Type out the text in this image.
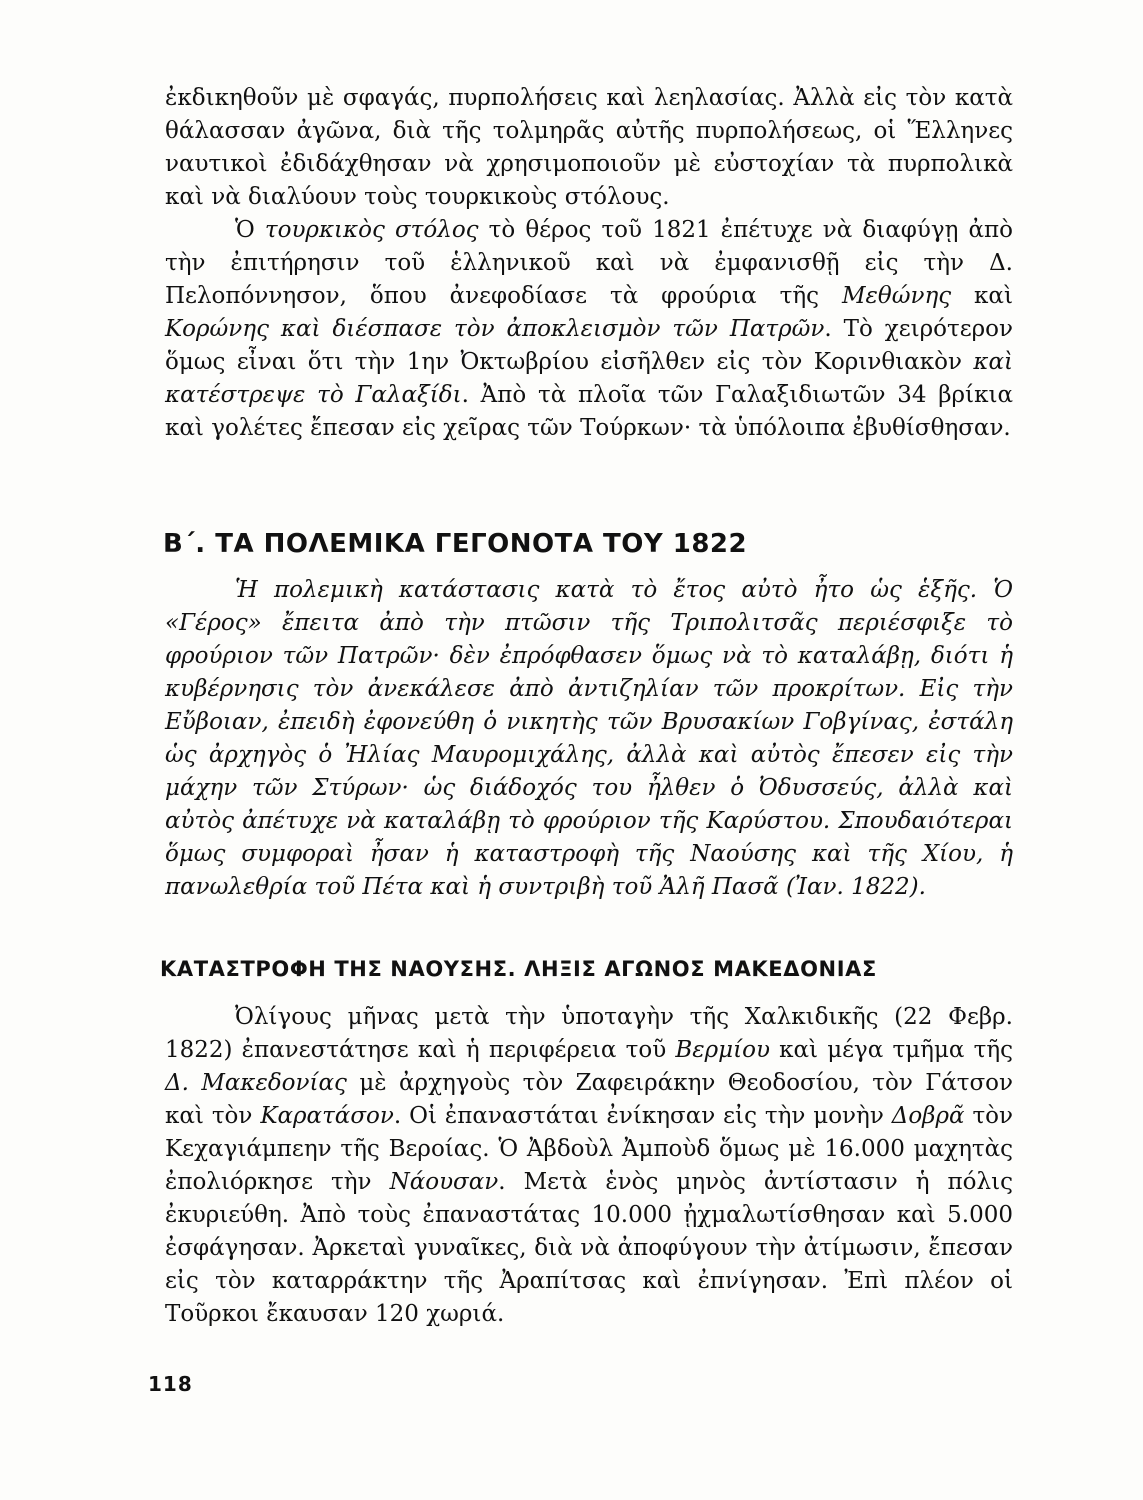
ἐκδικηθοῦν μὲ σφαγάς, πυρπολήσεις καὶ λεηλασίας. Ἀλλὰ εἰς τὸν κατὰ θάλασσαν ἀγῶνα, διὰ τῆς τολμηρᾶς αὐτῆς πυρπολήσεως, οἱ Ἕλληνες ναυτικοὶ ἐδιδάχθησαν νὰ χρησιμοποιοῦν μὲ εὐστοχίαν τὰ πυρπολικὰ καὶ νὰ διαλύουν τοὺς τουρκικοὺς στόλους.

Ὁ τουρκικὸς στόλος τὸ θέρος τοῦ 1821 ἐπέτυχε νὰ διαφύγῃ ἀπὸ τὴν ἐπιτήρησιν τοῦ ἑλληνικοῦ καὶ νὰ ἐμφανισθῇ εἰς τὴν Δ. Πελοπόννησον, ὅπου ἀνεφοδίασε τὰ φρούρια τῆς Μεθώνης καὶ Κορώνης καὶ διέσπασε τὸν ἀποκλεισμὸν τῶν Πατρῶν. Τὸ χειρότερον ὅμως εἶναι ὅτι τὴν 1ην Ὀκτωβρίου εἰσῆλθεν εἰς τὸν Κορινθιακὸν καὶ κατέστρεψε τὸ Γαλαξίδι. Ἀπὸ τὰ πλοῖα τῶν Γαλαξιδιωτῶν 34 βρίκια καὶ γολέτες ἔπεσαν εἰς χεῖρας τῶν Τούρκων· τὰ ὑπόλοιπα ἐβυθίσθησαν.

Β΄. ΤΑ ΠΟΛΕΜΙΚΑ ΓΕΓΟΝΟΤΑ ΤΟΥ 1822

Ἡ πολεμικὴ κατάστασις κατὰ τὸ ἔτος αὐτὸ ἦτο ὡς ἑξῆς. Ὁ «Γέρος» ἔπειτα ἀπὸ τὴν πτῶσιν τῆς Τριπολιτσᾶς περιέσφιξε τὸ φρούριον τῶν Πατρῶν· δὲν ἐπρόφθασεν ὅμως νὰ τὸ καταλάβῃ, διότι ἡ κυβέρνησις τὸν ἀνεκάλεσε ἀπὸ ἀντιζηλίαν τῶν προκρίτων. Εἰς τὴν Εὔβοιαν, ἐπειδὴ ἐφονεύθη ὁ νικητὴς τῶν Βρυσακίων Γοβγίνας, ἐστάλη ὡς ἀρχηγὸς ὁ Ἠλίας Μαυρομιχάλης, ἀλλὰ καὶ αὐτὸς ἔπεσεν εἰς τὴν μάχην τῶν Στύρων· ὡς διάδοχός του ἦλθεν ὁ Ὀδυσσεύς, ἀλλὰ καὶ αὐτὸς ἀπέτυχε νὰ καταλάβῃ τὸ φρούριον τῆς Καρύστου. Σπουδαιότεραι ὅμως συμφοραὶ ἦσαν ἡ καταστροφὴ τῆς Ναούσης καὶ τῆς Χίου, ἡ πανωλεθρία τοῦ Πέτα καὶ ἡ συντριβὴ τοῦ Ἀλῆ Πασᾶ (Ἰαν. 1822).

ΚΑΤΑΣΤΡΟΦΗ ΤΗΣ ΝΑΟΥΣΗΣ. ΛΗΞΙΣ ΑΓΩΝΟΣ ΜΑΚΕΔΟΝΙΑΣ

Ὀλίγους μῆνας μετὰ τὴν ὑποταγὴν τῆς Χαλκιδικῆς (22 Φεβρ. 1822) ἐπανεστάτησε καὶ ἡ περιφέρεια τοῦ Βερμίου καὶ μέγα τμῆμα τῆς Δ. Μακεδονίας μὲ ἀρχηγοὺς τὸν Ζαφειράκην Θεοδοσίου, τὸν Γάτσον καὶ τὸν Καρατάσον. Οἱ ἐπαναστάται ἐνίκησαν εἰς τὴν μονὴν Δοβρᾶ τὸν Κεχαγιάμπεην τῆς Βεροίας. Ὁ Ἀβδοὺλ Ἀμποὺδ ὅμως μὲ 16.000 μαχητὰς ἐπολιόρκησε τὴν Νάουσαν. Μετὰ ἑνὸς μηνὸς ἀντίστασιν ἡ πόλις ἐκυριεύθη. Ἀπὸ τοὺς ἐπαναστάτας 10.000 ᾐχμαλωτίσθησαν καὶ 5.000 ἐσφάγησαν. Ἀρκεταὶ γυναῖκες, διὰ νὰ ἀποφύγουν τὴν ἀτίμωσιν, ἔπεσαν εἰς τὸν καταρράκτην τῆς Ἀραπίτσας καὶ ἐπνίγησαν. Ἐπὶ πλέον οἱ Τοῦρκοι ἔκαυσαν 120 χωριά.

118
